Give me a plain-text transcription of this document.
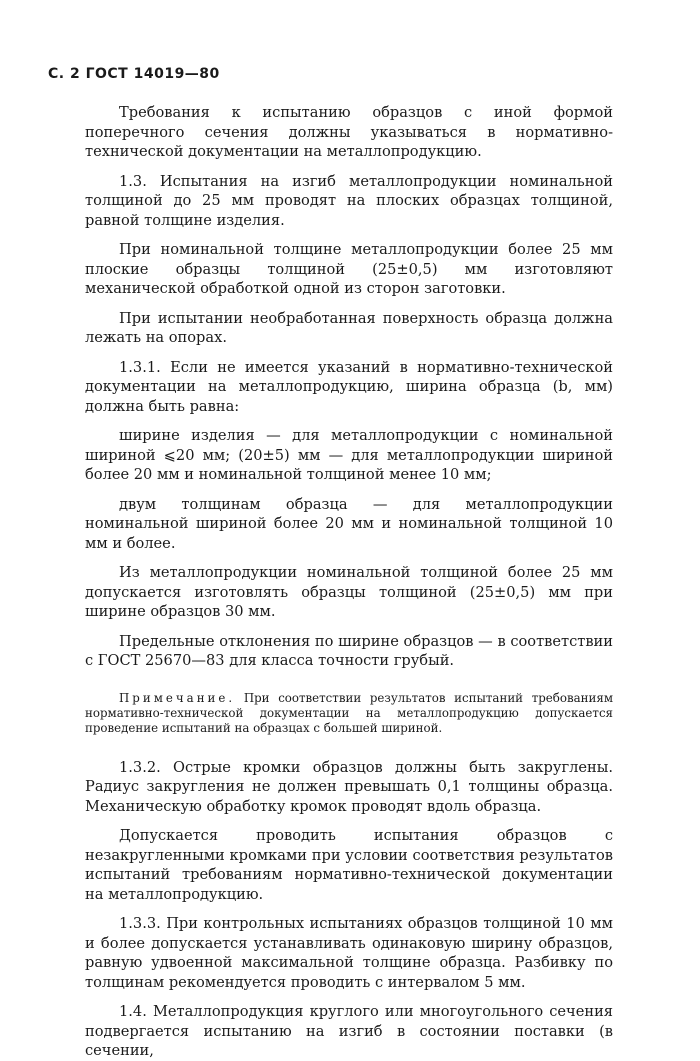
С. 2 ГОСТ 14019—80

Требования к испытанию образцов с иной формой поперечного сечения должны указываться в нормативно-технической документации на металлопродукцию.

1.3. Испытания на изгиб металлопродукции номинальной толщиной до 25 мм проводят на плоских образцах толщиной, равной толщине изделия.

При номинальной толщине металлопродукции более 25 мм плоские образцы толщиной (25±0,5) мм изготовляют механической обработкой одной из сторон заготовки.

При испытании необработанная поверхность образца должна лежать на опорах.

1.3.1. Если не имеется указаний в нормативно-технической документации на металлопродукцию, ширина образца (b, мм) должна быть равна:

ширине изделия — для металлопродукции с номинальной шириной ⩽20 мм; (20±5) мм — для металлопродукции шириной более 20 мм и номинальной толщиной менее 10 мм;

двум толщинам образца — для металлопродукции номинальной шириной более 20 мм и номинальной толщиной 10 мм и более.

Из металлопродукции номинальной толщиной более 25 мм допускается изготовлять образцы толщиной (25±0,5) мм при ширине образцов 30 мм.

Предельные отклонения по ширине образцов — в соответствии с ГОСТ 25670—83 для класса точности грубый.

Примечание. При соответствии результатов испытаний требованиям нормативно-технической документации на металлопродукцию допускается проведение испытаний на образцах с большей шириной.

1.3.2. Острые кромки образцов должны быть закруглены. Радиус закругления не должен превышать 0,1 толщины образца. Механическую обработку кромок проводят вдоль образца.

Допускается проводить испытания образцов с незакругленными кромками при условии соответствия результатов испытаний требованиям нормативно-технической документации на металлопродукцию.

1.3.3. При контрольных испытаниях образцов толщиной 10 мм и более допускается устанавливать одинаковую ширину образцов, равную удвоенной максимальной толщине образца. Разбивку по толщинам рекомендуется проводить с интервалом 5 мм.

1.4. Металлопродукция круглого или многоугольного сечения подвергается испытанию на изгиб в состоянии поставки (в сечении,
